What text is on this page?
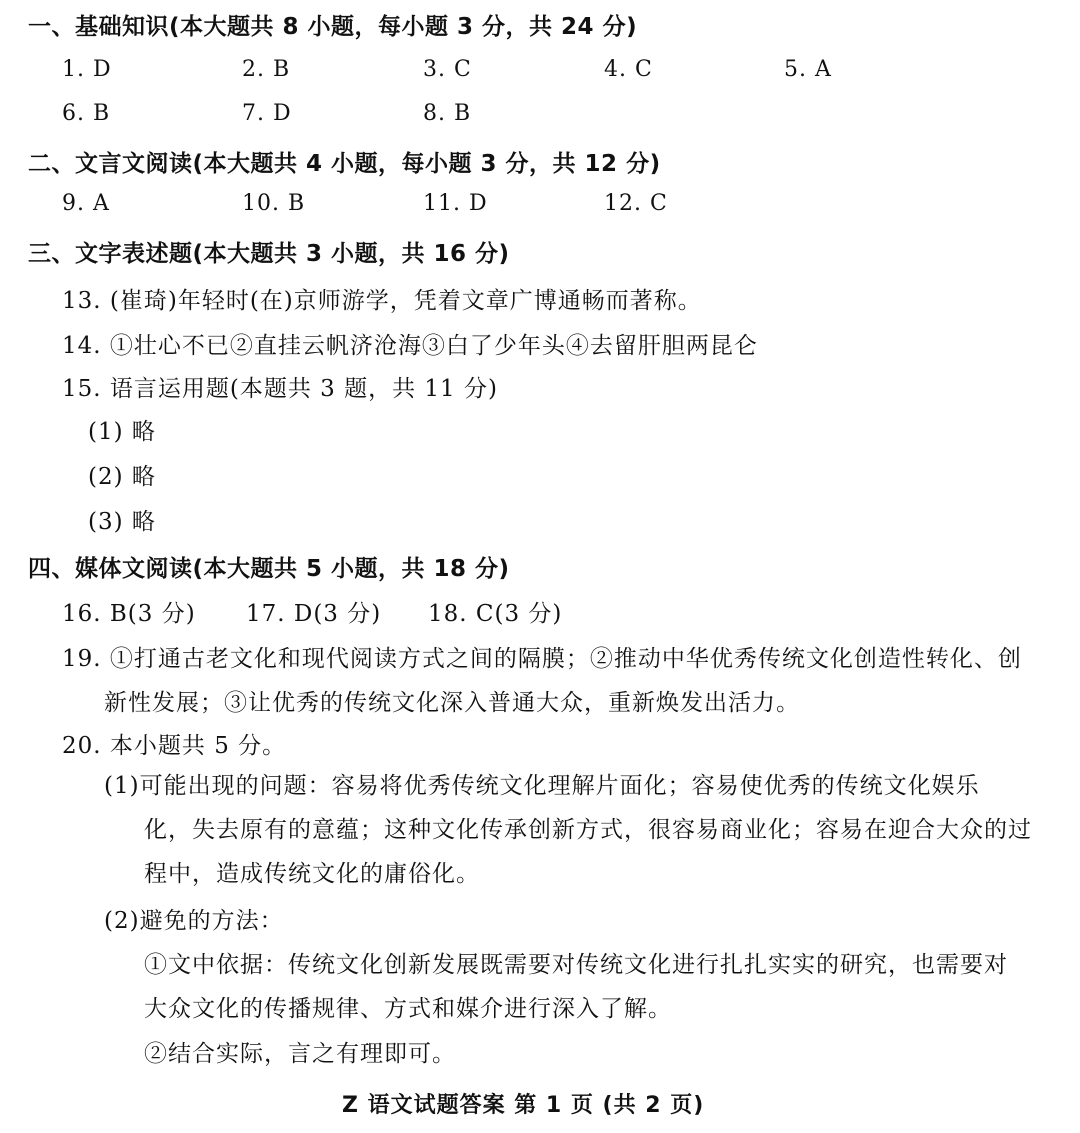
一、基础知识(本大题共 8 小题，每小题 3 分，共 24 分)
1. D	2. B	3. C	4. C	5. A
6. B	7. D	8. B
二、文言文阅读(本大题共 4 小题，每小题 3 分，共 12 分)
9. A	10. B	11. D	12. C
三、文字表述题(本大题共 3 小题，共 16 分)
13. (崔琦)年轻时(在)京师游学，凭着文章广博通畅而著称。
14. ①壮心不已②直挂云帆济沧海③白了少年头④去留肝胆两昆仑
15. 语言运用题(本题共 3 题，共 11 分)
(1) 略
(2) 略
(3) 略
四、媒体文阅读(本大题共 5 小题，共 18 分)
16. B(3 分) 17. D(3 分) 18. C(3 分)
19. ①打通古老文化和现代阅读方式之间的隔膜；②推动中华优秀传统文化创造性转化、创
新性发展；③让优秀的传统文化深入普通大众，重新焕发出活力。
20. 本小题共 5 分。
(1)可能出现的问题：容易将优秀传统文化理解片面化；容易使优秀的传统文化娱乐
化，失去原有的意蕴；这种文化传承创新方式，很容易商业化；容易在迎合大众的过
程中，造成传统文化的庸俗化。
(2)避免的方法：
①文中依据：传统文化创新发展既需要对传统文化进行扎扎实实的研究，也需要对
大众文化的传播规律、方式和媒介进行深入了解。
②结合实际，言之有理即可。
Z 语文试题答案 第 1 页 (共 2 页)
